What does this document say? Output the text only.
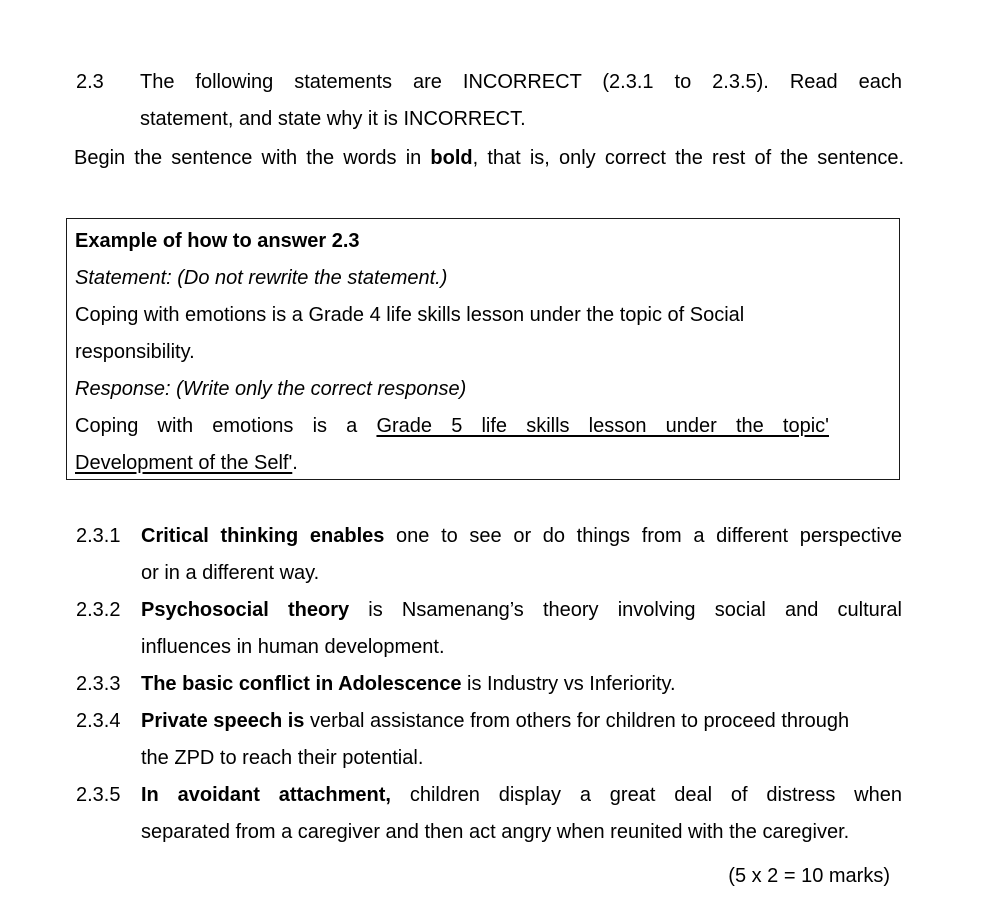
2.3	The following statements are INCORRECT (2.3.1 to 2.3.5). Read each
statement, and state why it is INCORRECT.
Begin the sentence with the words in bold, that is, only correct the rest of the sentence.
Example of how to answer 2.3
Statement: (Do not rewrite the statement.)
Coping with emotions is a Grade 4 life skills lesson under the topic of Social
responsibility.
Response: (Write only the correct response)
Coping with emotions is a Grade 5 life skills lesson under the topic'
Development of the Self'.
2.3.1	Critical thinking enables one to see or do things from a different perspective
or in a different way.
2.3.2	Psychosocial theory is Nsamenang’s theory involving social and cultural
influences in human development.
2.3.3	The basic conflict in Adolescence is Industry vs Inferiority.
2.3.4	Private speech is verbal assistance from others for children to proceed through
the ZPD to reach their potential.
2.3.5	In avoidant attachment, children display a great deal of distress when
separated from a caregiver and then act angry when reunited with the caregiver.
(5 x 2 = 10 marks)
